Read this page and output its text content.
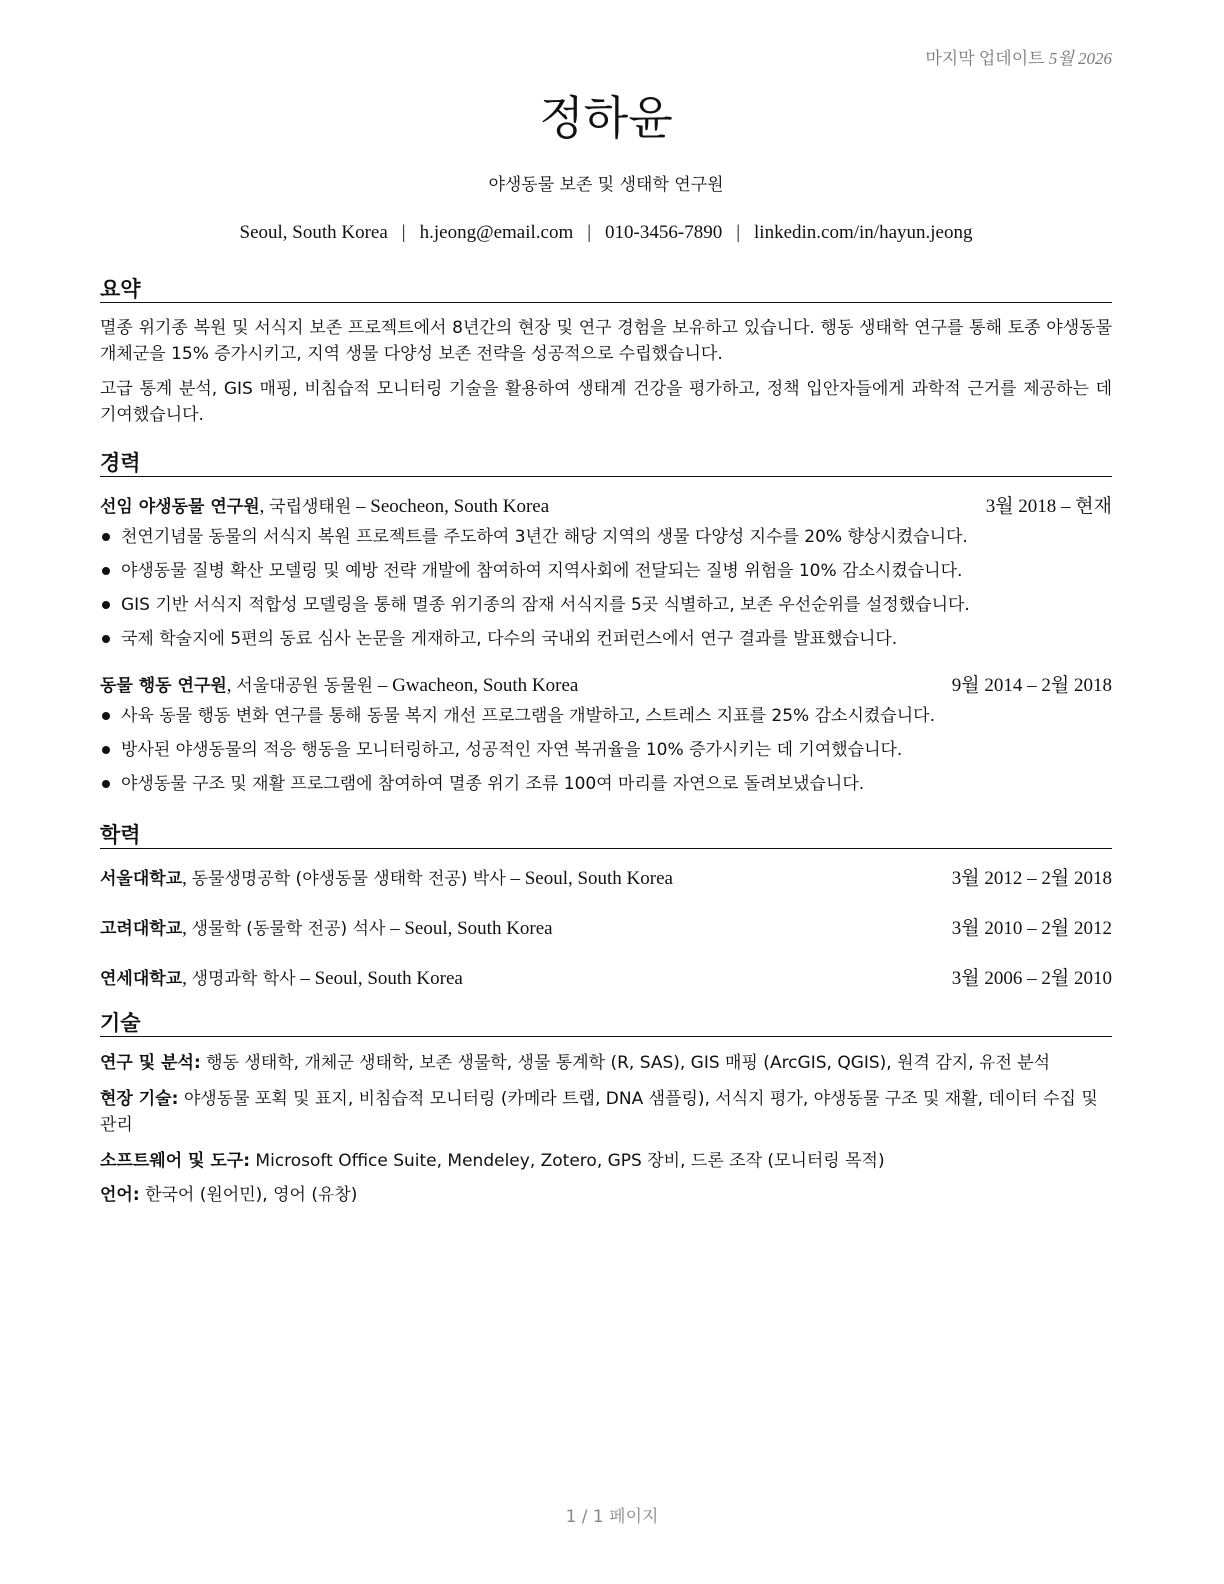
마지막 업데이트 5월 2026
정하윤
야생동물 보존 및 생태학 연구원
Seoul, South Korea | h.jeong@email.com | 010-3456-7890 | linkedin.com/in/hayun.jeong
요약

멸종 위기종 복원 및 서식지 보존 프로젝트에서 8년간의 현장 및 연구 경험을 보유하고 있습니다. 행동 생태학 연구를 통해 토종 야생동물 개체군을 15% 증가시키고, 지역 생물 다양성 보존 전략을 성공적으로 수립했습니다.

고급 통계 분석, GIS 매핑, 비침습적 모니터링 기술을 활용하여 생태계 건강을 평가하고, 정책 입안자들에게 과학적 근거를 제공하는 데 기여했습니다.

경력
선임 야생동물 연구원, 국립생태원 – Seocheon, South Korea	3월 2018 – 현재
천연기념물 동물의 서식지 복원 프로젝트를 주도하여 3년간 해당 지역의 생물 다양성 지수를 20% 향상시켰습니다.
야생동물 질병 확산 모델링 및 예방 전략 개발에 참여하여 지역사회에 전달되는 질병 위험을 10% 감소시켰습니다.
GIS 기반 서식지 적합성 모델링을 통해 멸종 위기종의 잠재 서식지를 5곳 식별하고, 보존 우선순위를 설정했습니다.
국제 학술지에 5편의 동료 심사 논문을 게재하고, 다수의 국내외 컨퍼런스에서 연구 결과를 발표했습니다.
동물 행동 연구원, 서울대공원 동물원 – Gwacheon, South Korea	9월 2014 – 2월 2018
사육 동물 행동 변화 연구를 통해 동물 복지 개선 프로그램을 개발하고, 스트레스 지표를 25% 감소시켰습니다.
방사된 야생동물의 적응 행동을 모니터링하고, 성공적인 자연 복귀율을 10% 증가시키는 데 기여했습니다.
야생동물 구조 및 재활 프로그램에 참여하여 멸종 위기 조류 100여 마리를 자연으로 돌려보냈습니다.
학력
서울대학교, 동물생명공학 (야생동물 생태학 전공) 박사 – Seoul, South Korea	3월 2012 – 2월 2018
고려대학교, 생물학 (동물학 전공) 석사 – Seoul, South Korea	3월 2010 – 2월 2012
연세대학교, 생명과학 학사 – Seoul, South Korea	3월 2006 – 2월 2010
기술

연구 및 분석: 행동 생태학, 개체군 생태학, 보존 생물학, 생물 통계학 (R, SAS), GIS 매핑 (ArcGIS, QGIS), 원격 감지, 유전 분석

현장 기술: 야생동물 포획 및 표지, 비침습적 모니터링 (카메라 트랩, DNA 샘플링), 서식지 평가, 야생동물 구조 및 재활, 데이터 수집 및 관리

소프트웨어 및 도구: Microsoft Office Suite, Mendeley, Zotero, GPS 장비, 드론 조작 (모니터링 목적)

언어: 한국어 (원어민), 영어 (유창)

1 / 1 페이지
